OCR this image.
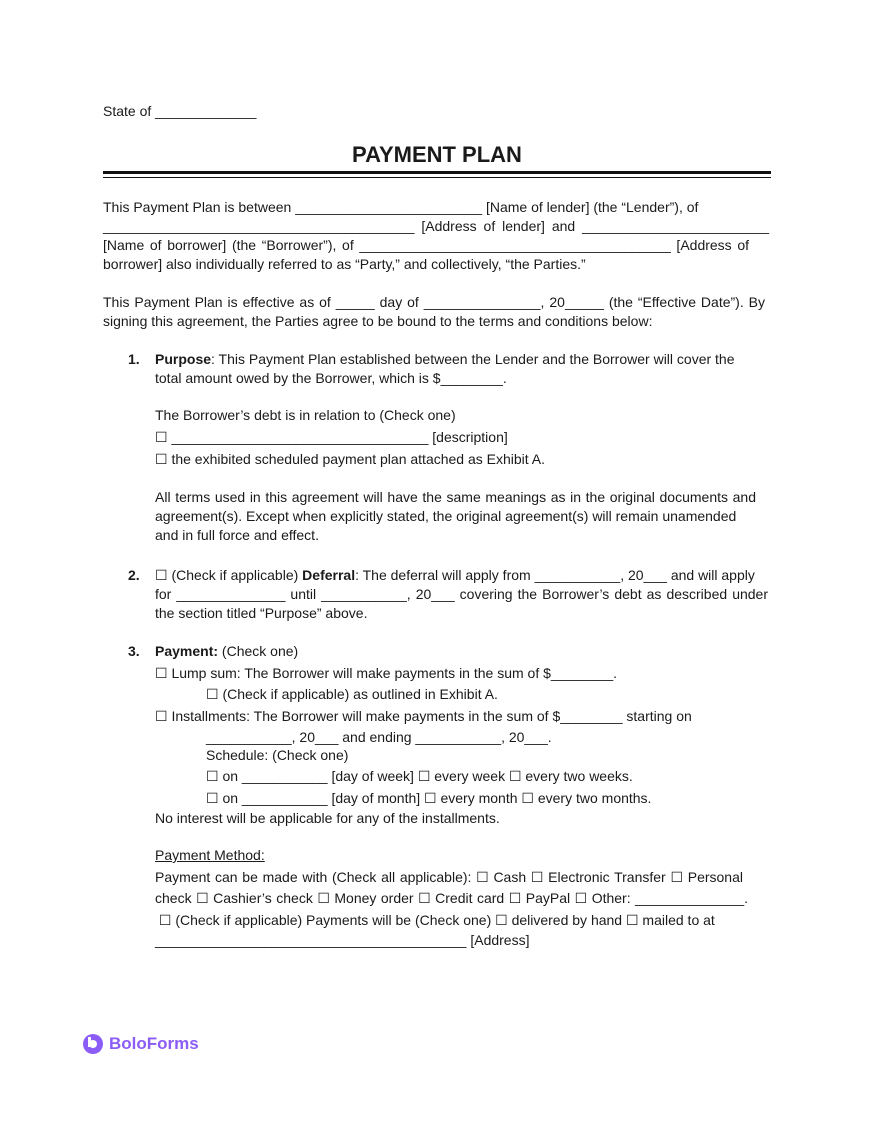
State of _____________
PAYMENT PLAN
This Payment Plan is between ________________________ [Name of lender] (the “Lender”), of
________________________________________ [Address of lender] and ________________________
[Name of borrower] (the “Borrower”), of ________________________________________ [Address of
borrower] also individually referred to as “Party,” and collectively, “the Parties.”
This Payment Plan is effective as of _____ day of _______________, 20_____ (the “Effective Date”). By
signing this agreement, the Parties agree to be bound to the terms and conditions below:
1. Purpose: This Payment Plan established between the Lender and the Borrower will cover the
total amount owed by the Borrower, which is $________.
The Borrower’s debt is in relation to (Check one)
☐ _________________________________ [description]
☐ the exhibited scheduled payment plan attached as Exhibit A.
All terms used in this agreement will have the same meanings as in the original documents and
agreement(s). Except when explicitly stated, the original agreement(s) will remain unamended
and in full force and effect.
2. ☐ (Check if applicable) Deferral: The deferral will apply from ___________, 20___ and will apply
for ______________ until ___________, 20___ covering the Borrower’s debt as described under
the section titled “Purpose” above.
3. Payment: (Check one)
☐ Lump sum: The Borrower will make payments in the sum of $________.
☐ (Check if applicable) as outlined in Exhibit A.
☐ Installments: The Borrower will make payments in the sum of $________ starting on
___________, 20___ and ending ___________, 20___.
Schedule: (Check one)
☐ on ___________ [day of week] ☐ every week ☐ every two weeks.
☐ on ___________ [day of month] ☐ every month ☐ every two months.
No interest will be applicable for any of the installments.
Payment Method:
Payment can be made with (Check all applicable): ☐ Cash ☐ Electronic Transfer ☐ Personal
check ☐ Cashier’s check ☐ Money order ☐ Credit card ☐ PayPal ☐ Other: ______________.
☐ (Check if applicable) Payments will be (Check one) ☐ delivered by hand ☐ mailed to at
________________________________________ [Address]
BoloForms
